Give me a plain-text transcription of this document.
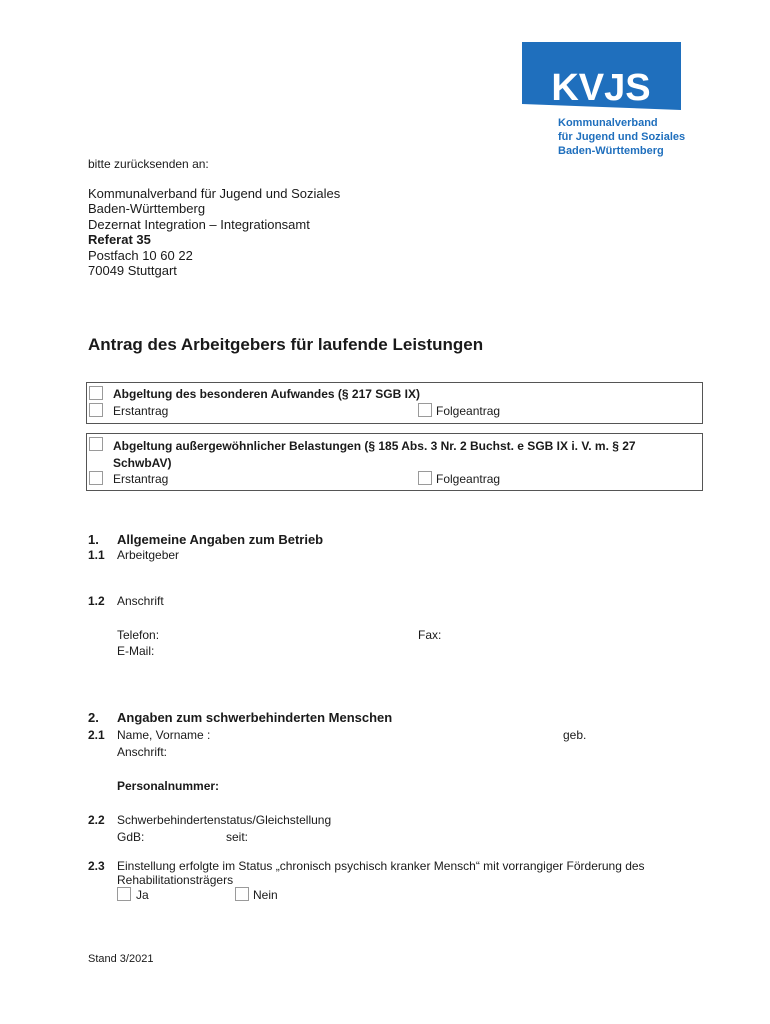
KVJS
Kommunalverband
für Jugend und Soziales
Baden-Württemberg
bitte zurücksenden an:
Kommunalverband für Jugend und Soziales
Baden-Württemberg
Dezernat Integration – Integrationsamt
Referat 35
Postfach 10 60 22
70049 Stuttgart
Antrag des Arbeitgebers für laufende Leistungen
Abgeltung des besonderen Aufwandes (§ 217 SGB IX)
Erstantrag	Folgeantrag
Abgeltung außergewöhnlicher Belastungen (§ 185 Abs. 3 Nr. 2 Buchst. e SGB IX i. V. m. § 27
SchwbAV)
Erstantrag	Folgeantrag
1. Allgemeine Angaben zum Betrieb
1.1 Arbeitgeber
1.2 Anschrift
Telefon:	Fax:
E-Mail:
2. Angaben zum schwerbehinderten Menschen
2.1 Name, Vorname :	geb.
Anschrift:
Personalnummer:
2.2 Schwerbehindertenstatus/Gleichstellung
GdB:	seit:
2.3 Einstellung erfolgte im Status „chronisch psychisch kranker Mensch“ mit vorrangiger Förderung des
Rehabilitationsträgers
Ja	Nein
Stand 3/2021
